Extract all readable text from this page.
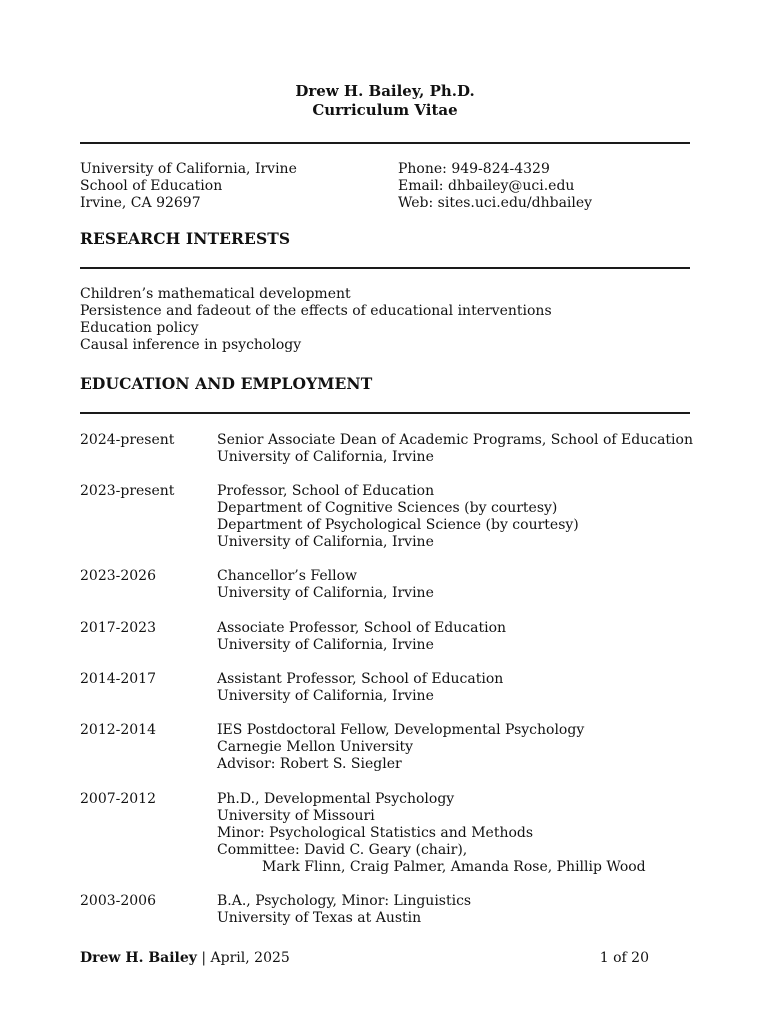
Drew H. Bailey, Ph.D.
Curriculum Vitae
University of California, Irvine
School of Education
Irvine, CA 92697
Phone: 949-824-4329
Email: dhbailey@uci.edu
Web: sites.uci.edu/dhbailey
RESEARCH INTERESTS
Children’s mathematical development
Persistence and fadeout of the effects of educational interventions
Education policy
Causal inference in psychology
EDUCATION AND EMPLOYMENT
2024-present	Senior Associate Dean of Academic Programs, School of Education
University of California, Irvine
2023-present	Professor, School of Education
Department of Cognitive Sciences (by courtesy)
Department of Psychological Science (by courtesy)
University of California, Irvine
2023-2026	Chancellor’s Fellow
University of California, Irvine
2017-2023	Associate Professor, School of Education
University of California, Irvine
2014-2017	Assistant Professor, School of Education
University of California, Irvine
2012-2014	IES Postdoctoral Fellow, Developmental Psychology
Carnegie Mellon University
Advisor: Robert S. Siegler
2007-2012	Ph.D., Developmental Psychology
University of Missouri
Minor: Psychological Statistics and Methods
Committee: David C. Geary (chair),
Mark Flinn, Craig Palmer, Amanda Rose, Phillip Wood
2003-2006	B.A., Psychology, Minor: Linguistics
University of Texas at Austin
Drew H. Bailey | April, 2025	1 of 20
